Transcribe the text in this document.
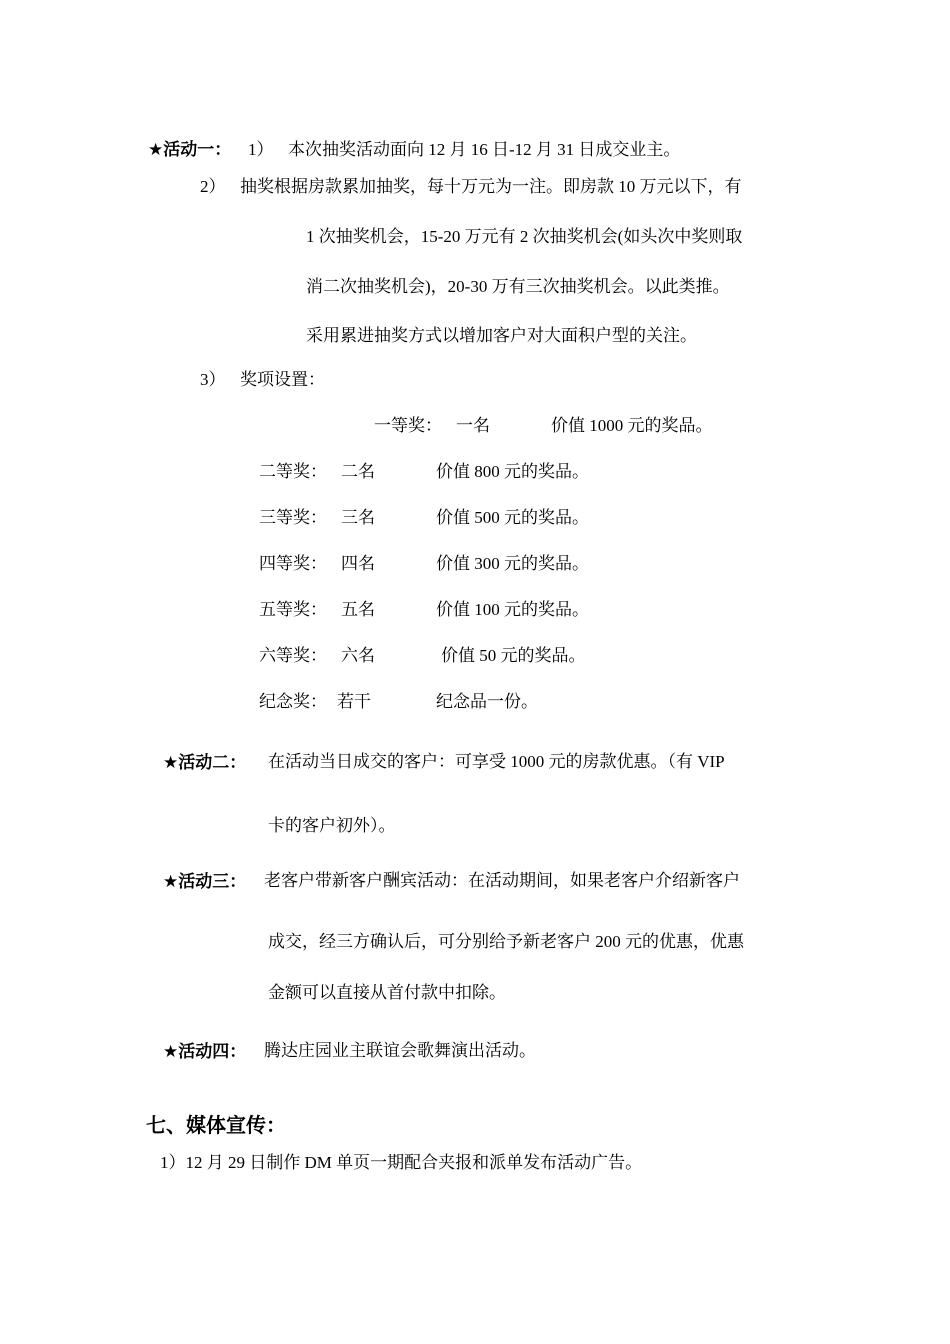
★活动一： 1） 本次抽奖活动面向 12 月 16 日-12 月 31 日成交业主。
2） 抽奖根据房款累加抽奖，每十万元为一注。即房款 10 万元以下，有
1 次抽奖机会，15-20 万元有 2 次抽奖机会(如头次中奖则取
消二次抽奖机会)，20-30 万有三次抽奖机会。以此类推。
采用累进抽奖方式以增加客户对大面积户型的关注。
3） 奖项设置：
一等奖： 一名	价值 1000 元的奖品。
二等奖： 二名	价值 800 元的奖品。
三等奖： 三名	价值 500 元的奖品。
四等奖： 四名	价值 300 元的奖品。
五等奖： 五名	价值 100 元的奖品。
六等奖： 六名	价值 50 元的奖品。
纪念奖： 若干	纪念品一份。
★活动二： 在活动当日成交的客户：可享受 1000 元的房款优惠。（有 VIP
卡的客户初外）。
★活动三： 老客户带新客户酬宾活动：在活动期间，如果老客户介绍新客户
成交，经三方确认后，可分别给予新老客户 200 元的优惠，优惠
金额可以直接从首付款中扣除。
★活动四： 腾达庄园业主联谊会歌舞演出活动。
七、媒体宣传：
1）12 月 29 日制作 DM 单页一期配合夹报和派单发布活动广告。
